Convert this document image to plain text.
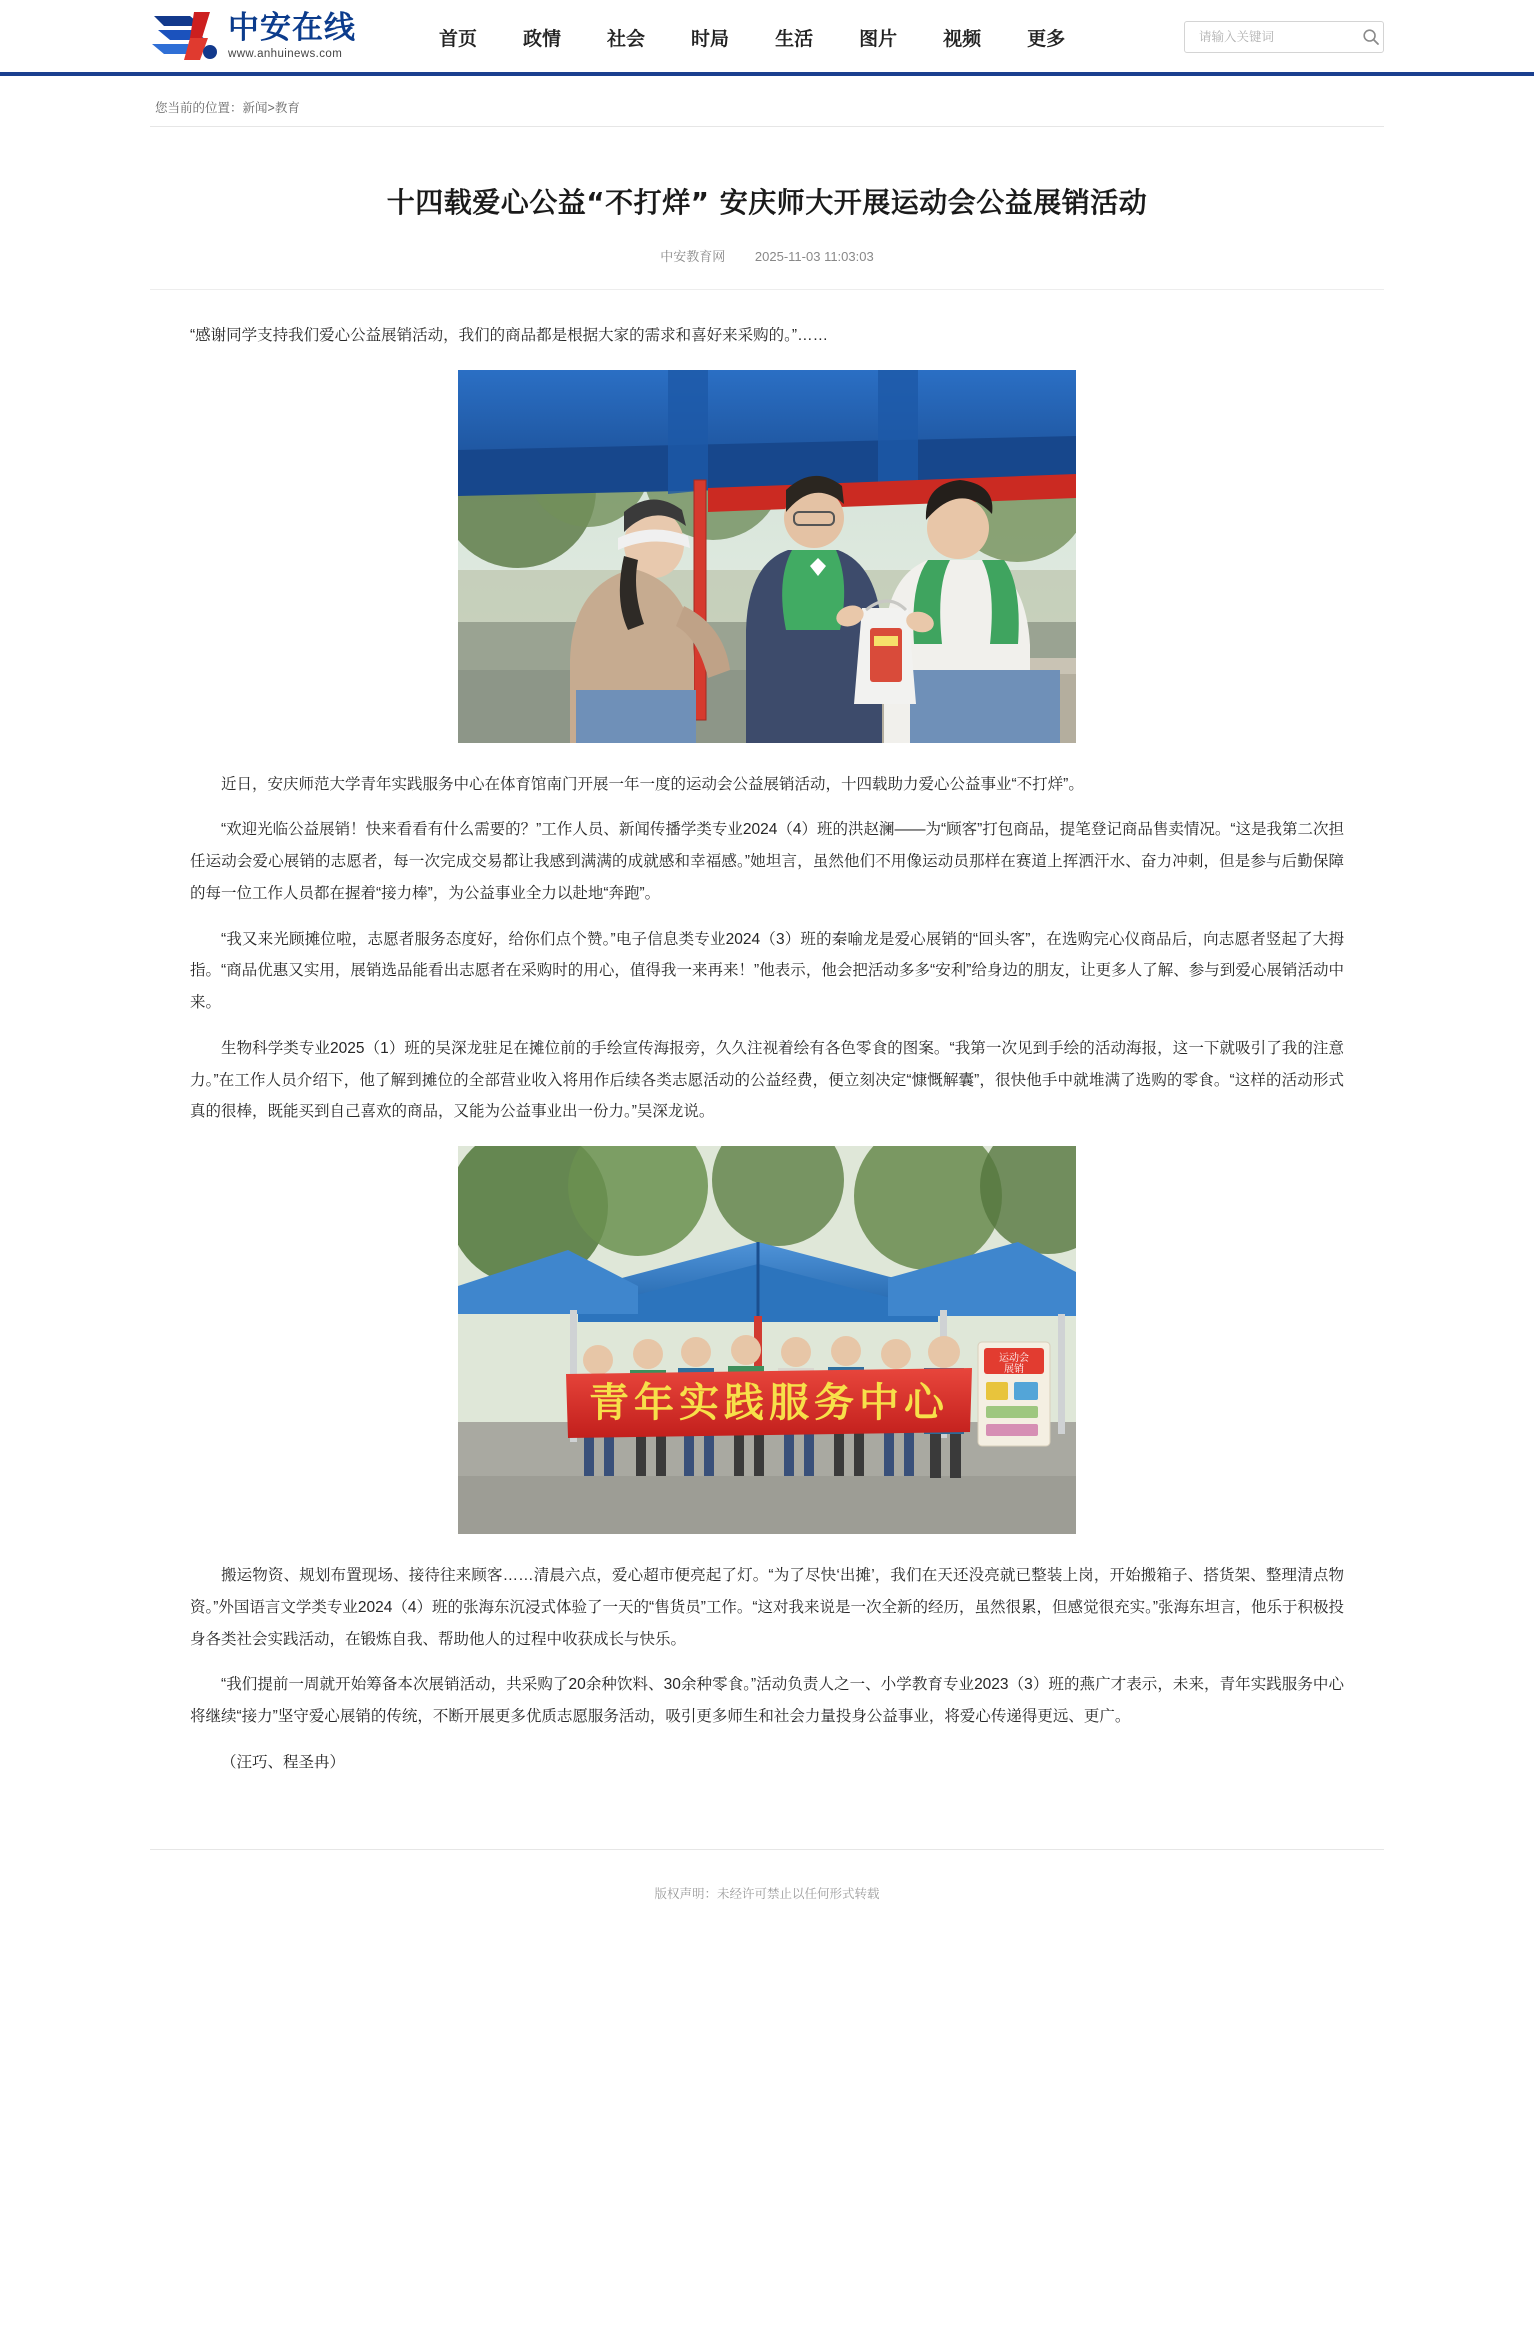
中安在线
www.anhuinews.com
首页	政情	社会	时局	生活	图片	视频	更多
请输入关键词
您当前的位置：新闻>教育
十四载爱心公益“不打烊” 安庆师大开展运动会公益展销活动
中安教育网 2025-11-03 11:03:03

“感谢同学支持我们爱心公益展销活动，我们的商品都是根据大家的需求和喜好来采购的。”……

近日，安庆师范大学青年实践服务中心在体育馆南门开展一年一度的运动会公益展销活动，十四载助力爱心公益事业“不打烊”。

“欢迎光临公益展销！快来看看有什么需要的？”工作人员、新闻传播学类专业2024（4）班的洪赵澜——为“顾客”打包商品，提笔登记商品售卖情况。“这是我第二次担任运动会爱心展销的志愿者，每一次完成交易都让我感到满满的成就感和幸福感。”她坦言，虽然他们不用像运动员那样在赛道上挥洒汗水、奋力冲刺，但是参与后勤保障的每一位工作人员都在握着“接力棒”，为公益事业全力以赴地“奔跑”。

“我又来光顾摊位啦，志愿者服务态度好，给你们点个赞。”电子信息类专业2024（3）班的秦喻龙是爱心展销的“回头客”，在选购完心仪商品后，向志愿者竖起了大拇指。“商品优惠又实用，展销选品能看出志愿者在采购时的用心，值得我一来再来！”他表示，他会把活动多多“安利”给身边的朋友，让更多人了解、参与到爱心展销活动中来。

生物科学类专业2025（1）班的吴深龙驻足在摊位前的手绘宣传海报旁，久久注视着绘有各色零食的图案。“我第一次见到手绘的活动海报，这一下就吸引了我的注意力。”在工作人员介绍下，他了解到摊位的全部营业收入将用作后续各类志愿活动的公益经费，便立刻决定“慷慨解囊”，很快他手中就堆满了选购的零食。“这样的活动形式真的很棒，既能买到自己喜欢的商品，又能为公益事业出一份力。”吴深龙说。

青年实践服务中心
运动会
展销

搬运物资、规划布置现场、接待往来顾客……清晨六点，爱心超市便亮起了灯。“为了尽快‘出摊’，我们在天还没亮就已整装上岗，开始搬箱子、搭货架、整理清点物资。”外国语言文学类专业2024（4）班的张海东沉浸式体验了一天的“售货员”工作。“这对我来说是一次全新的经历，虽然很累，但感觉很充实。”张海东坦言，他乐于积极投身各类社会实践活动，在锻炼自我、帮助他人的过程中收获成长与快乐。

“我们提前一周就开始筹备本次展销活动，共采购了20余种饮料、30余种零食。”活动负责人之一、小学教育专业2023（3）班的燕广才表示，未来，青年实践服务中心将继续“接力”坚守爱心展销的传统，不断开展更多优质志愿服务活动，吸引更多师生和社会力量投身公益事业，将爱心传递得更远、更广。

（汪巧、程圣冉）

版权声明：未经许可禁止以任何形式转载
